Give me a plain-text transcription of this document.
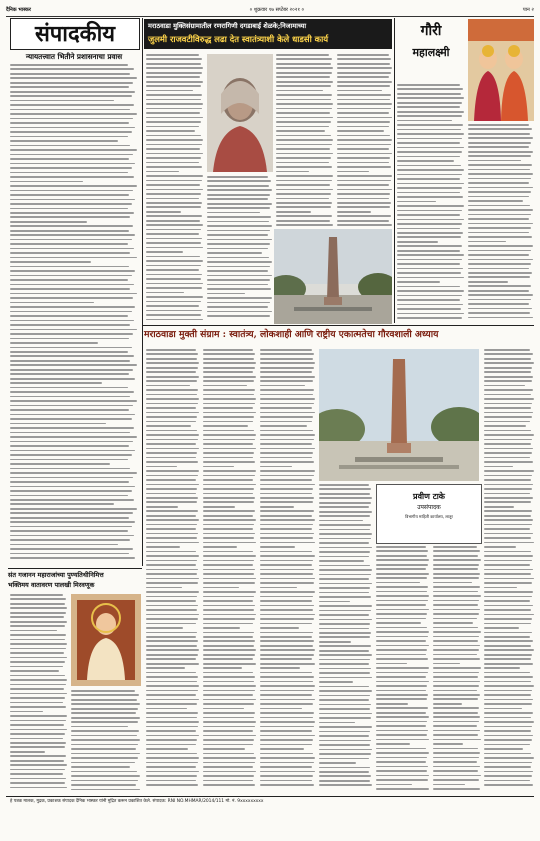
दैनिक भास्कर	० शुक्रवार १७ सप्टेंबर २०२१ ०	पान २
संपादकीय
न्यायतत्त्वात भितीने प्रशासनाचा प्रवास
मराठवाडा मुक्तिसंग्रामातील रणरागिणी दगडाबाई शेळके;निजामाच्या
जुलमी राजवटीविरुद्ध लढा देत स्वातंत्र्याशी केले धाडसी कार्य	गौरी
महालक्ष्मी
मराठवाडा मुक्ती संग्राम : स्वातंत्र्य, लोकशाही आणि राष्ट्रीय एकात्मतेचा गौरवशाली अध्याय
प्रवीण टाके
उपसंपादक
विभागीय माहिती कार्यालय, लातूर
संत गजानन महाराजांच्या पुण्यतिथीनिमित्त
भक्तिमय वातावरण पालखी मिरवणूक
हे पत्रक मालक, मुद्रक, प्रकाशक संपादक दैनिक भास्कर यांनी मुद्रित करून प्रकाशित केले. संपादक: RNI NO.MHMAR/2014/111 मो. नं. 9xxxxxxxxx
